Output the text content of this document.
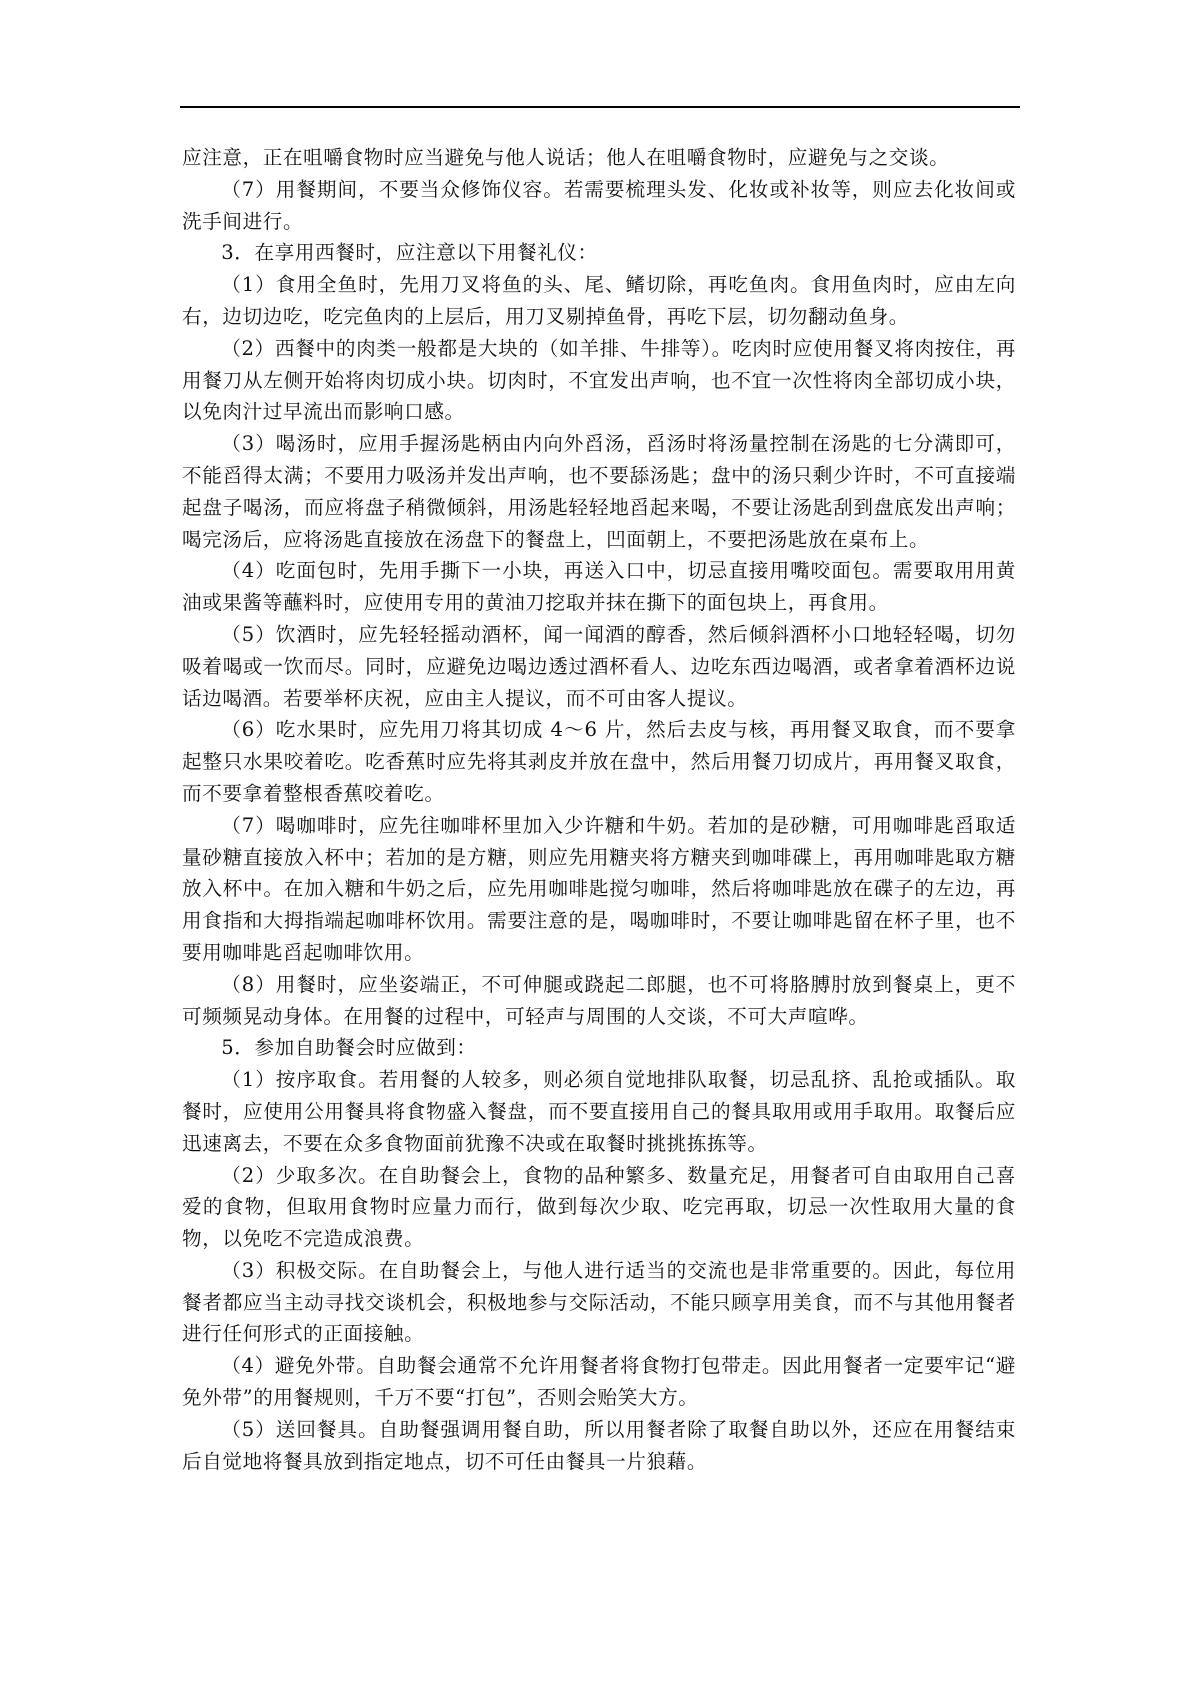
应注意，正在咀嚼食物时应当避免与他人说话；他人在咀嚼食物时，应避免与之交谈。

（7）用餐期间，不要当众修饰仪容。若需要梳理头发、化妆或补妆等，则应去化妆间或洗手间进行。

3．在享用西餐时，应注意以下用餐礼仪：

（1）食用全鱼时，先用刀叉将鱼的头、尾、鳍切除，再吃鱼肉。食用鱼肉时，应由左向右，边切边吃，吃完鱼肉的上层后，用刀叉剔掉鱼骨，再吃下层，切勿翻动鱼身。

（2）西餐中的肉类一般都是大块的（如羊排、牛排等）。吃肉时应使用餐叉将肉按住，再用餐刀从左侧开始将肉切成小块。切肉时，不宜发出声响，也不宜一次性将肉全部切成小块，以免肉汁过早流出而影响口感。

（3）喝汤时，应用手握汤匙柄由内向外舀汤，舀汤时将汤量控制在汤匙的七分满即可，不能舀得太满；不要用力吸汤并发出声响，也不要舔汤匙；盘中的汤只剩少许时，不可直接端起盘子喝汤，而应将盘子稍微倾斜，用汤匙轻轻地舀起来喝，不要让汤匙刮到盘底发出声响；喝完汤后，应将汤匙直接放在汤盘下的餐盘上，凹面朝上，不要把汤匙放在桌布上。

（4）吃面包时，先用手撕下一小块，再送入口中，切忌直接用嘴咬面包。需要取用用黄油或果酱等蘸料时，应使用专用的黄油刀挖取并抹在撕下的面包块上，再食用。

（5）饮酒时，应先轻轻摇动酒杯，闻一闻酒的醇香，然后倾斜酒杯小口地轻轻喝，切勿吸着喝或一饮而尽。同时，应避免边喝边透过酒杯看人、边吃东西边喝酒，或者拿着酒杯边说话边喝酒。若要举杯庆祝，应由主人提议，而不可由客人提议。

（6）吃水果时，应先用刀将其切成 4～6 片，然后去皮与核，再用餐叉取食，而不要拿起整只水果咬着吃。吃香蕉时应先将其剥皮并放在盘中，然后用餐刀切成片，再用餐叉取食，而不要拿着整根香蕉咬着吃。

（7）喝咖啡时，应先往咖啡杯里加入少许糖和牛奶。若加的是砂糖，可用咖啡匙舀取适量砂糖直接放入杯中；若加的是方糖，则应先用糖夹将方糖夹到咖啡碟上，再用咖啡匙取方糖放入杯中。在加入糖和牛奶之后，应先用咖啡匙搅匀咖啡，然后将咖啡匙放在碟子的左边，再用食指和大拇指端起咖啡杯饮用。需要注意的是，喝咖啡时，不要让咖啡匙留在杯子里，也不要用咖啡匙舀起咖啡饮用。

（8）用餐时，应坐姿端正，不可伸腿或跷起二郎腿，也不可将胳膊肘放到餐桌上，更不可频频晃动身体。在用餐的过程中，可轻声与周围的人交谈，不可大声喧哗。

5．参加自助餐会时应做到：

（1）按序取食。若用餐的人较多，则必须自觉地排队取餐，切忌乱挤、乱抢或插队。取餐时，应使用公用餐具将食物盛入餐盘，而不要直接用自己的餐具取用或用手取用。取餐后应迅速离去，不要在众多食物面前犹豫不决或在取餐时挑挑拣拣等。

（2）少取多次。在自助餐会上，食物的品种繁多、数量充足，用餐者可自由取用自己喜爱的食物，但取用食物时应量力而行，做到每次少取、吃完再取，切忌一次性取用大量的食物，以免吃不完造成浪费。

（3）积极交际。在自助餐会上，与他人进行适当的交流也是非常重要的。因此，每位用餐者都应当主动寻找交谈机会，积极地参与交际活动，不能只顾享用美食，而不与其他用餐者进行任何形式的正面接触。

（4）避免外带。自助餐会通常不允许用餐者将食物打包带走。因此用餐者一定要牢记“避免外带”的用餐规则，千万不要“打包”，否则会贻笑大方。

（5）送回餐具。自助餐强调用餐自助，所以用餐者除了取餐自助以外，还应在用餐结束后自觉地将餐具放到指定地点，切不可任由餐具一片狼藉。
